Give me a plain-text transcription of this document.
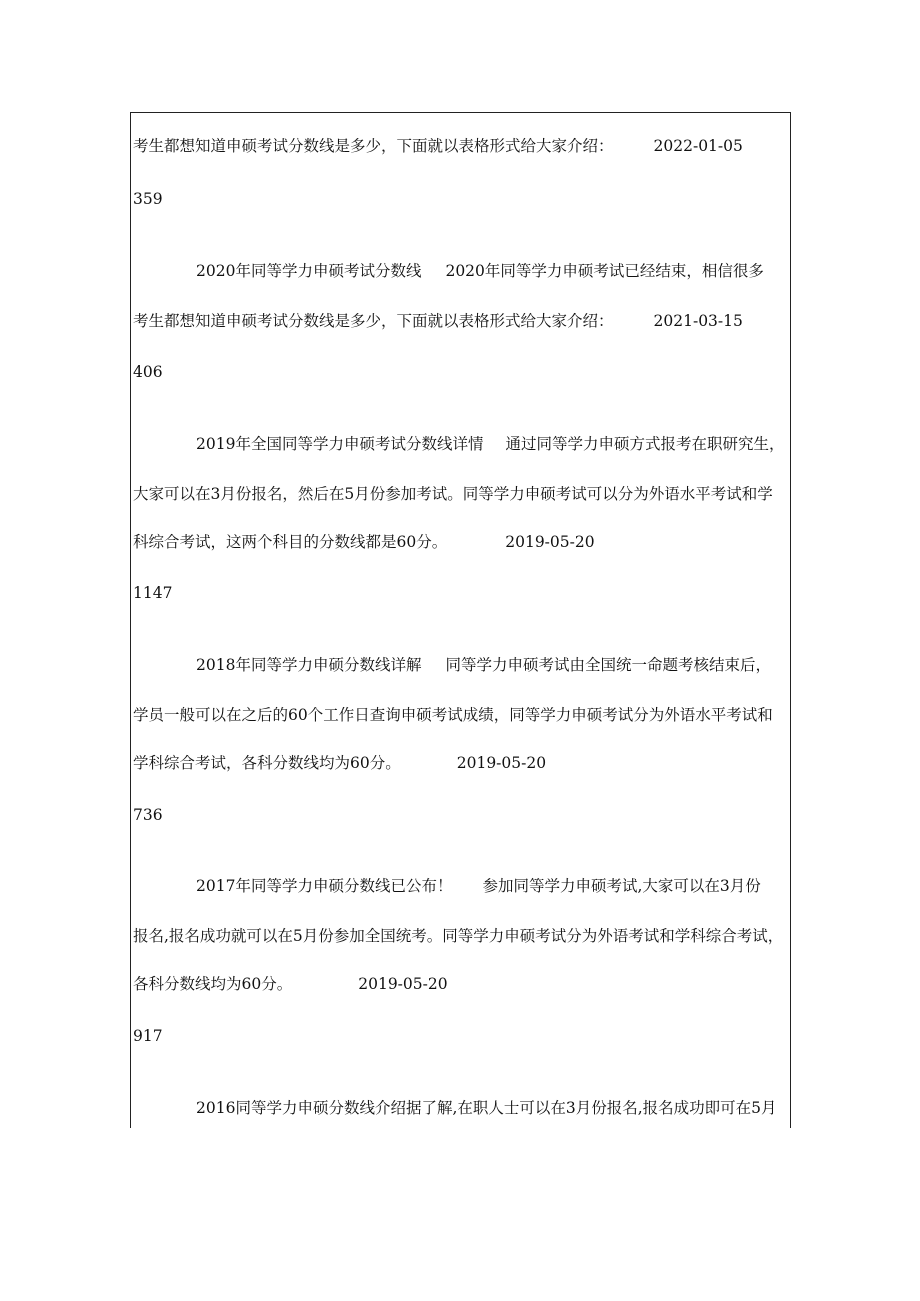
考生都想知道申硕考试分数线是多少，下面就以表格形式给大家介绍：	2022-01-05
359
2020年同等学力申硕考试分数线 2020年同等学力申硕考试已经结束，相信很多
考生都想知道申硕考试分数线是多少，下面就以表格形式给大家介绍：	2021-03-15
406
2019年全国同等学力申硕考试分数线详情 通过同等学力申硕方式报考在职研究生，
大家可以在3月份报名，然后在5月份参加考试。同等学力申硕考试可以分为外语水平考试和学
科综合考试，这两个科目的分数线都是60分。	2019-05-20
1147
2018年同等学力申硕分数线详解 同等学力申硕考试由全国统一命题考核结束后，
学员一般可以在之后的60个工作日查询申硕考试成绩，同等学力申硕考试分为外语水平考试和
学科综合考试，各科分数线均为60分。	2019-05-20
736
2017年同等学力申硕分数线已公布！ 参加同等学力申硕考试,大家可以在3月份
报名,报名成功就可以在5月份参加全国统考。同等学力申硕考试分为外语考试和学科综合考试，
各科分数线均为60分。	2019-05-20
917
2016同等学力申硕分数线介绍据了解,在职人士可以在3月份报名,报名成功即可在5月
